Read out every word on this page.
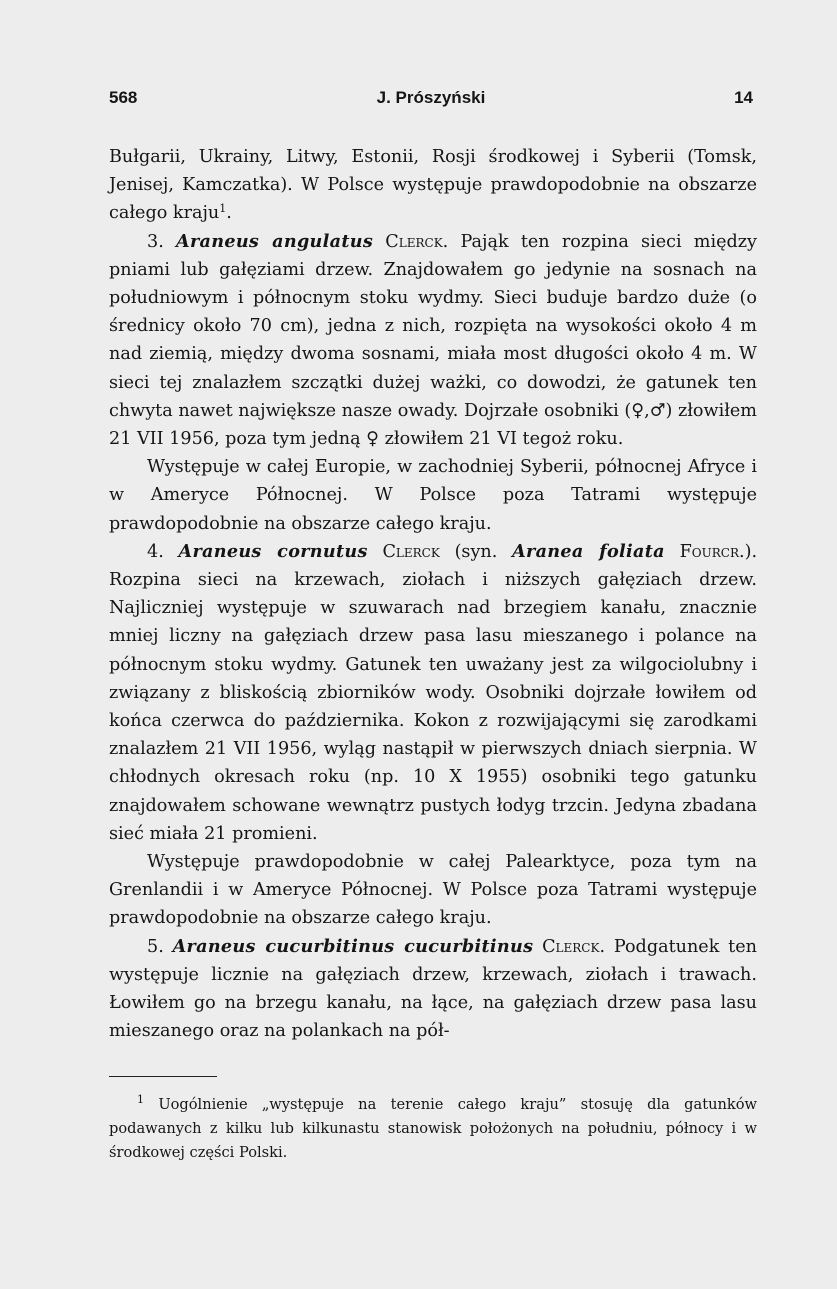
568	J. Prószyński	14

Bułgarii, Ukrainy, Litwy, Estonii, Rosji środkowej i Syberii (Tomsk, Jenisej, Kamczatka). W Polsce występuje prawdopodobnie na obszarze całego kraju$^1$.

3. Araneus angulatus Clerck. Pająk ten rozpina sieci między pniami lub gałęziami drzew. Znajdowałem go jedynie na sosnach na południowym i północnym stoku wydmy. Sieci buduje bardzo duże (o średnicy około 70 cm), jedna z nich, rozpięta na wysokości około 4 m nad ziemią, między dwoma sosnami, miała most długości około 4 m. W sieci tej znalazłem szczątki dużej ważki, co dowodzi, że gatunek ten chwyta nawet największe nasze owady. Dojrzałe osobniki (♀,♂) złowiłem 21 VII 1956, poza tym jedną ♀ złowiłem 21 VI tegoż roku.

Występuje w całej Europie, w zachodniej Syberii, północnej Afryce i w Ameryce Północnej. W Polsce poza Tatrami występuje prawdopodobnie na obszarze całego kraju.

4. Araneus cornutus Clerck (syn. Aranea foliata Fourcr.). Rozpina sieci na krzewach, ziołach i niższych gałęziach drzew. Najliczniej występuje w szuwarach nad brzegiem kanału, znacznie mniej liczny na gałęziach drzew pasa lasu mieszanego i polance na północnym stoku wydmy. Gatunek ten uważany jest za wilgociolubny i związany z bliskością zbiorników wody. Osobniki dojrzałe łowiłem od końca czerwca do października. Kokon z rozwijającymi się zarodkami znalazłem 21 VII 1956, wyląg nastąpił w pierwszych dniach sierpnia. W chłodnych okresach roku (np. 10 X 1955) osobniki tego gatunku znajdowałem schowane wewnątrz pustych łodyg trzcin. Jedyna zbadana sieć miała 21 promieni.

Występuje prawdopodobnie w całej Palearktyce, poza tym na Grenlandii i w Ameryce Północnej. W Polsce poza Tatrami występuje prawdopodobnie na obszarze całego kraju.

5. Araneus cucurbitinus cucurbitinus Clerck. Podgatunek ten występuje licznie na gałęziach drzew, krzewach, ziołach i trawach. Łowiłem go na brzegu kanału, na łące, na gałęziach drzew pasa lasu mieszanego oraz na polankach na pół-

$^1$ Uogólnienie „występuje na terenie całego kraju” stosuję dla gatunków podawanych z kilku lub kilkunastu stanowisk położonych na południu, północy i w środkowej części Polski.
